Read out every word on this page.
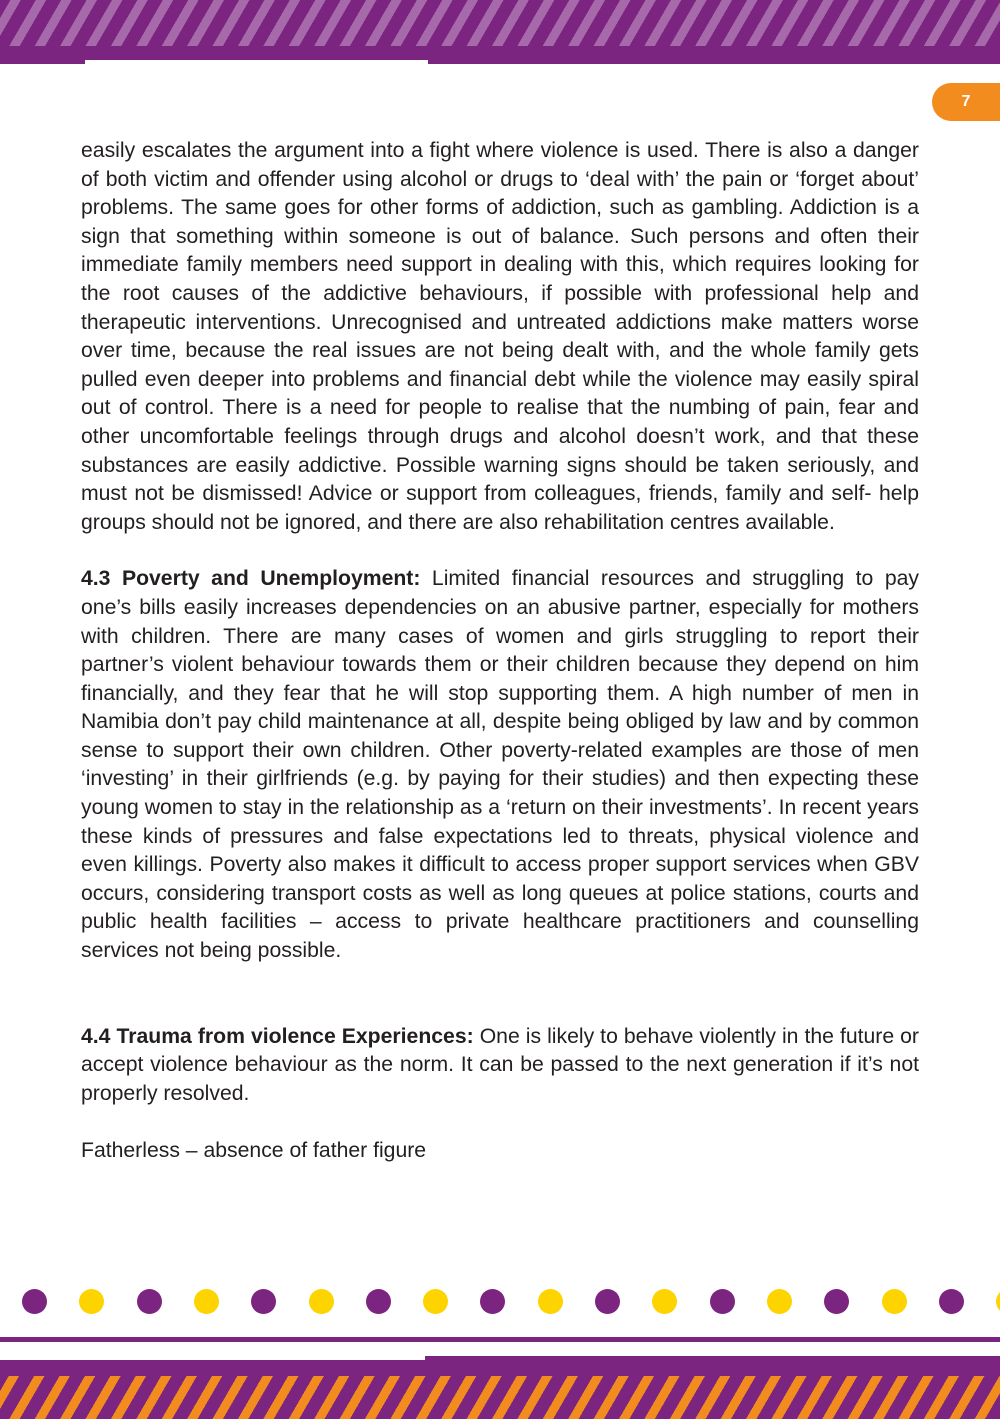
7

easily escalates the argument into a fight where violence is used. There is also a danger of both victim and offender using alcohol or drugs to ‘deal with’ the pain or ‘forget about’ problems. The same goes for other forms of addiction, such as gambling. Addiction is a sign that something within someone is out of balance. Such persons and often their immediate family members need support in dealing with this, which requires looking for the root causes of the addictive behaviours, if possible with professional help and therapeutic interventions. Unrecognised and untreated addictions make matters worse over time, because the real issues are not being dealt with, and the whole family gets pulled even deeper into problems and financial debt while the violence may easily spiral out of control. There is a need for people to realise that the numbing of pain, fear and other uncomfortable feelings through drugs and alcohol doesn’t work, and that these substances are easily addictive. Possible warning signs should be taken seriously, and must not be dismissed! Advice or support from colleagues, friends, family and self- help groups should not be ignored, and there are also rehabilitation centres available.

4.3 Poverty and Unemployment: Limited financial resources and struggling to pay one’s bills easily increases dependencies on an abusive partner, especially for mothers with children. There are many cases of women and girls struggling to report their partner’s violent behaviour towards them or their children because they depend on him financially, and they fear that he will stop supporting them. A high number of men in Namibia don’t pay child maintenance at all, despite being obliged by law and by common sense to support their own children. Other poverty-related examples are those of men ‘investing’ in their girlfriends (e.g. by paying for their studies) and then expecting these young women to stay in the relationship as a ‘return on their investments’. In recent years these kinds of pressures and false expectations led to threats, physical violence and even killings. Poverty also makes it difficult to access proper support services when GBV occurs, considering transport costs as well as long queues at police stations, courts and public health facilities – access to private healthcare practitioners and counselling services not being possible.

4.4 Trauma from violence Experiences: One is likely to behave violently in the future or accept violence behaviour as the norm. It can be passed to the next generation if it’s not properly resolved.

Fatherless – absence of father figure
